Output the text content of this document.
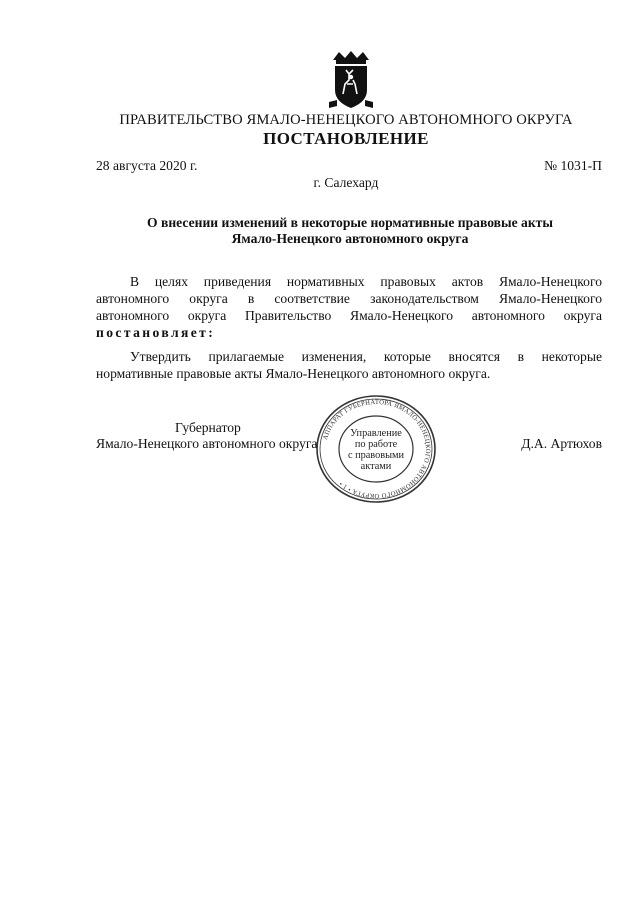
ПРАВИТЕЛЬСТВО ЯМАЛО-НЕНЕЦКОГО АВТОНОМНОГО ОКРУГА
ПОСТАНОВЛЕНИЕ
28 августа 2020 г.	№ 1031-П
г. Салехард
О внесении изменений в некоторые нормативные правовые акты
Ямало-Ненецкого автономного округа
В целях приведения нормативных правовых актов Ямало-Ненецкого
автономного округа в соответствие законодательством Ямало-Ненецкого
автономного округа Правительство Ямало-Ненецкого автономного округа
постановляет:
Утвердить прилагаемые изменения, которые вносятся в некоторые
нормативные правовые акты Ямало-Ненецкого автономного округа.
Губернатор
Ямало-Ненецкого автономного округа	Д.А. Артюхов
АППАРАТ ГУБЕРНАТОРА ЯМАЛО-НЕНЕЦКОГО АВТОНОМНОГО ОКРУГА • 1 •
Управление
по работе
с правовыми
актами
